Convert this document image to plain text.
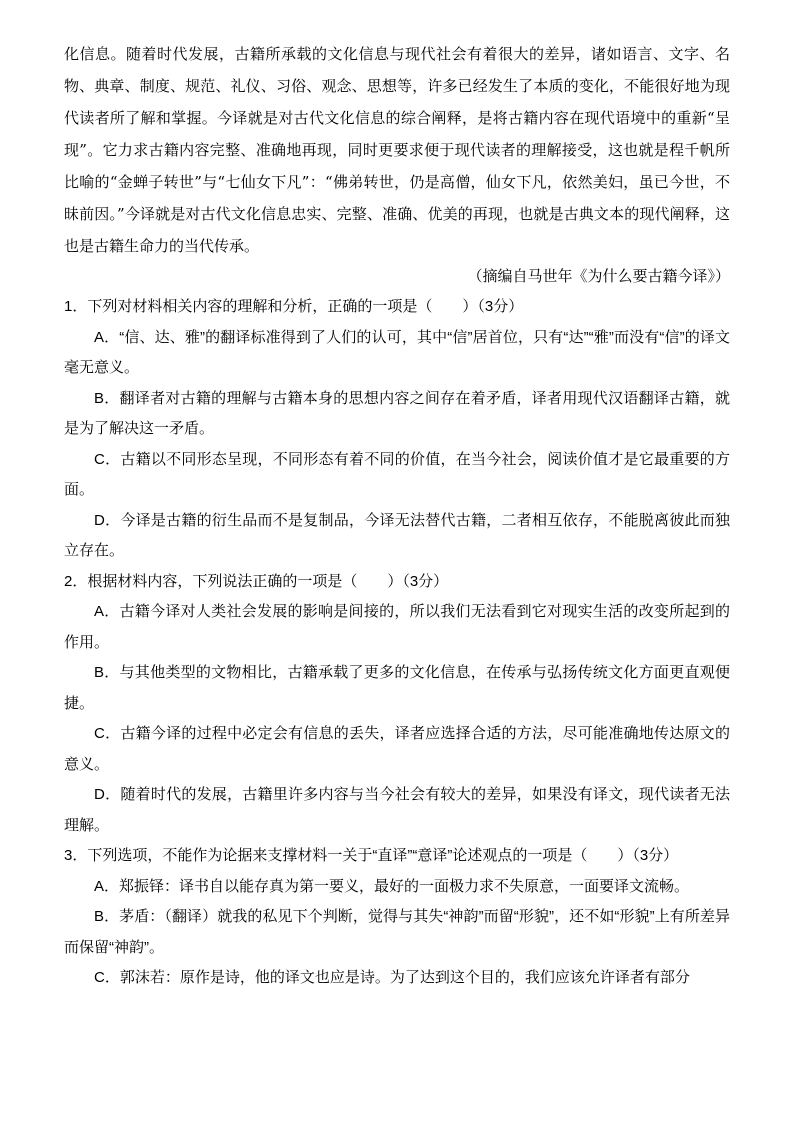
化信息。随着时代发展，古籍所承载的文化信息与现代社会有着很大的差异，诸如语言、文字、名物、典章、制度、规范、礼仪、习俗、观念、思想等，许多已经发生了本质的变化，不能很好地为现代读者所了解和掌握。今译就是对古代文化信息的综合阐释，是将古籍内容在现代语境中的重新“呈现”。它力求古籍内容完整、准确地再现，同时更要求便于现代读者的理解接受，这也就是程千帆所比喻的“金蝉子转世”与“七仙女下凡”：“佛弟转世，仍是高僧，仙女下凡，依然美妇，虽已今世，不昧前因。”今译就是对古代文化信息忠实、完整、准确、优美的再现，也就是古典文本的现代阐释，这也是古籍生命力的当代传承。

（摘编自马世年《为什么要古籍今译》）

1．下列对材料相关内容的理解和分析，正确的一项是（　　）（3分）

A．“信、达、雅”的翻译标准得到了人们的认可，其中“信”居首位，只有“达”“雅”而没有“信”的译文毫无意义。

B．翻译者对古籍的理解与古籍本身的思想内容之间存在着矛盾，译者用现代汉语翻译古籍，就是为了解决这一矛盾。

C．古籍以不同形态呈现，不同形态有着不同的价值，在当今社会，阅读价值才是它最重要的方面。

D．今译是古籍的衍生品而不是复制品，今译无法替代古籍，二者相互依存，不能脱离彼此而独立存在。

2．根据材料内容，下列说法正确的一项是（　　）（3分）

A．古籍今译对人类社会发展的影响是间接的，所以我们无法看到它对现实生活的改变所起到的作用。

B．与其他类型的文物相比，古籍承载了更多的文化信息，在传承与弘扬传统文化方面更直观便捷。

C．古籍今译的过程中必定会有信息的丢失，译者应选择合适的方法，尽可能准确地传达原文的意义。

D．随着时代的发展，古籍里许多内容与当今社会有较大的差异，如果没有译文，现代读者无法理解。

3．下列选项，不能作为论据来支撑材料一关于“直译”“意译”论述观点的一项是（　　）（3分）

A．郑振铎：译书自以能存真为第一要义，最好的一面极力求不失原意，一面要译文流畅。

B．茅盾：（翻译）就我的私见下个判断，觉得与其失“神韵”而留“形貌”，还不如“形貌”上有所差异而保留“神韵”。

C．郭沫若：原作是诗，他的译文也应是诗。为了达到这个目的，我们应该允许译者有部分
